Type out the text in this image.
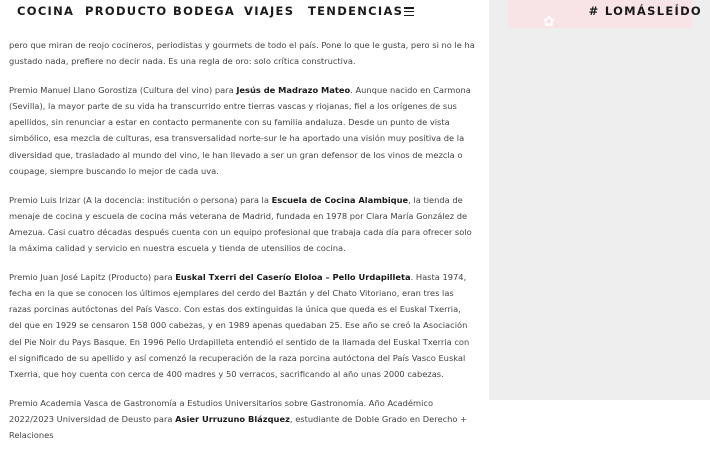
✿
COCINA PRODUCTO BODEGA VIAJES TENDENCIAS	# LOMÁSLEÍDO

pero que miran de reojo cocineros, periodistas y gourmets de todo el país. Pone lo que le gusta, pero si no le ha gustado nada, prefiere no decir nada. Es una regla de oro: solo crítica constructiva.

Premio Manuel Llano Gorostiza (Cultura del vino) para Jesús de Madrazo Mateo. Aunque nacido en Carmona (Sevilla), la mayor parte de su vida ha transcurrido entre tierras vascas y riojanas, fiel a los orígenes de sus apellidos, sin renunciar a estar en contacto permanente con su familia andaluza. Desde un punto de vista simbólico, esa mezcla de culturas, esa transversalidad norte-sur le ha aportado una visión muy positiva de la diversidad que, trasladado al mundo del vino, le han llevado a ser un gran defensor de los vinos de mezcla o coupage, siempre buscando lo mejor de cada uva.

Premio Luis Irizar (A la docencia: institución o persona) para la Escuela de Cocina Alambique, la tienda de menaje de cocina y escuela de cocina más veterana de Madrid, fundada en 1978 por Clara María González de Amezua. Casi cuatro décadas después cuenta con un equipo profesional que trabaja cada día para ofrecer solo la máxima calidad y servicio en nuestra escuela y tienda de utensilios de cocina.

Premio Juan José Lapitz (Producto) para Euskal Txerri del Caserío Eloloa – Pello Urdapilleta. Hasta 1974, fecha en la que se conocen los últimos ejemplares del cerdo del Baztán y del Chato Vitoriano, eran tres las razas porcinas autóctonas del País Vasco. Con estas dos extinguidas la única que queda es el Euskal Txerria, del que en 1929 se censaron 158 000 cabezas, y en 1989 apenas quedaban 25. Ese año se creó la Asociación del Pie Noir du Pays Basque. En 1996 Pello Urdapilleta entendió el sentido de la llamada del Euskal Txerria con el significado de su apellido y así comenzó la recuperación de la raza porcina autóctona del País Vasco Euskal Txerria, que hoy cuenta con cerca de 400 madres y 50 verracos, sacrificando al año unas 2000 cabezas.

Premio Academia Vasca de Gastronomía a Estudios Universitarios sobre Gastronomía. Año Académico 2022/2023 Universidad de Deusto para Asier Urruzuno Blázquez, estudiante de Doble Grado en Derecho + Relaciones
